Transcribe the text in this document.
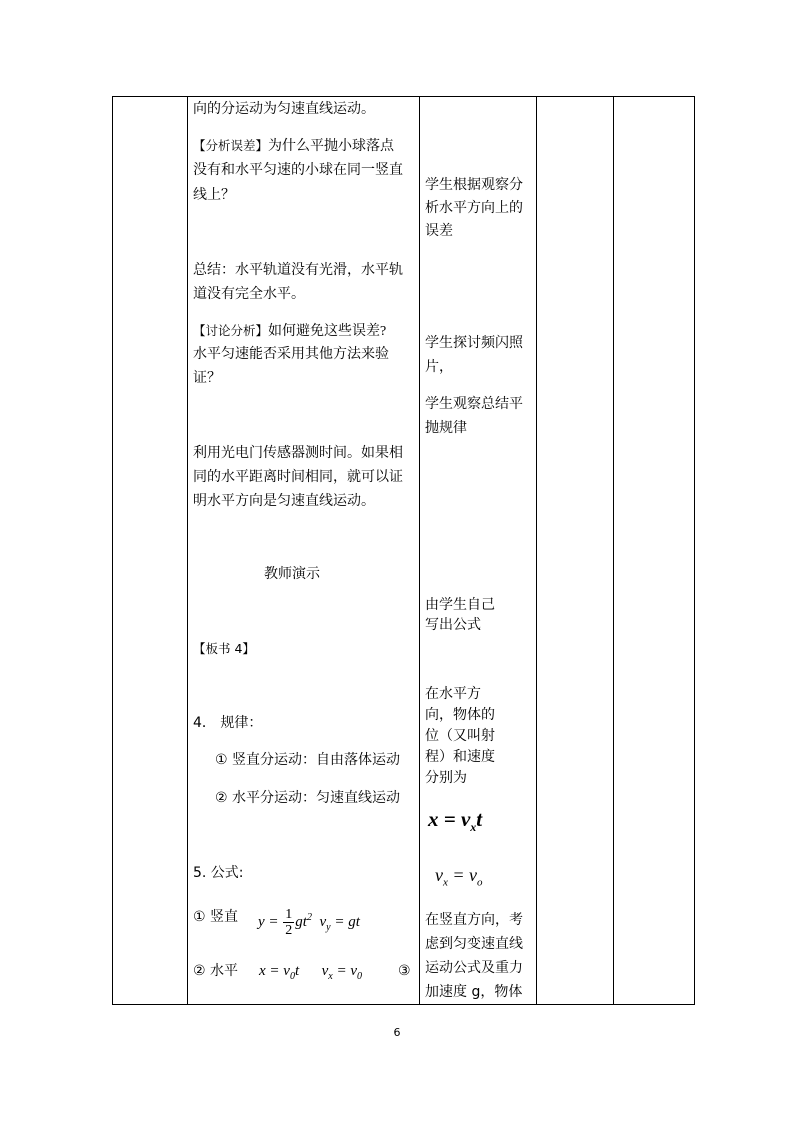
向的分运动为匀速直线运动。
【分析误差】为什么平抛小球落点
没有和水平匀速的小球在同一竖直
线上？
总结：水平轨道没有光滑，水平轨
道没有完全水平。
【讨论分析】如何避免这些误差?
水平匀速能否采用其他方法来验
证？
利用光电门传感器测时间。如果相
同的水平距离时间相同，就可以证
明水平方向是匀速直线运动。
教师演示
【板书 4】
4． 规律：
① 竖直分运动：自由落体运动
② 水平分运动：匀速直线运动
5. 公式:
① 竖直 $y = \frac{1}{2} gt^2$  $v_y$ = gt
② 水平 $x = v_0t$      $v_x = v_0$	③
学生根据观察分
析水平方向上的
误差
学生探讨频闪照
片，
学生观察总结平
抛规律
由学生自己
写出公式
在水平方
向，物体的
位（又叫射
程）和速度
分别为
$x = v_xt$
$v_x = v_o$
在竖直方向，考
虑到匀变速直线
运动公式及重力
加速度 g，物体
6
